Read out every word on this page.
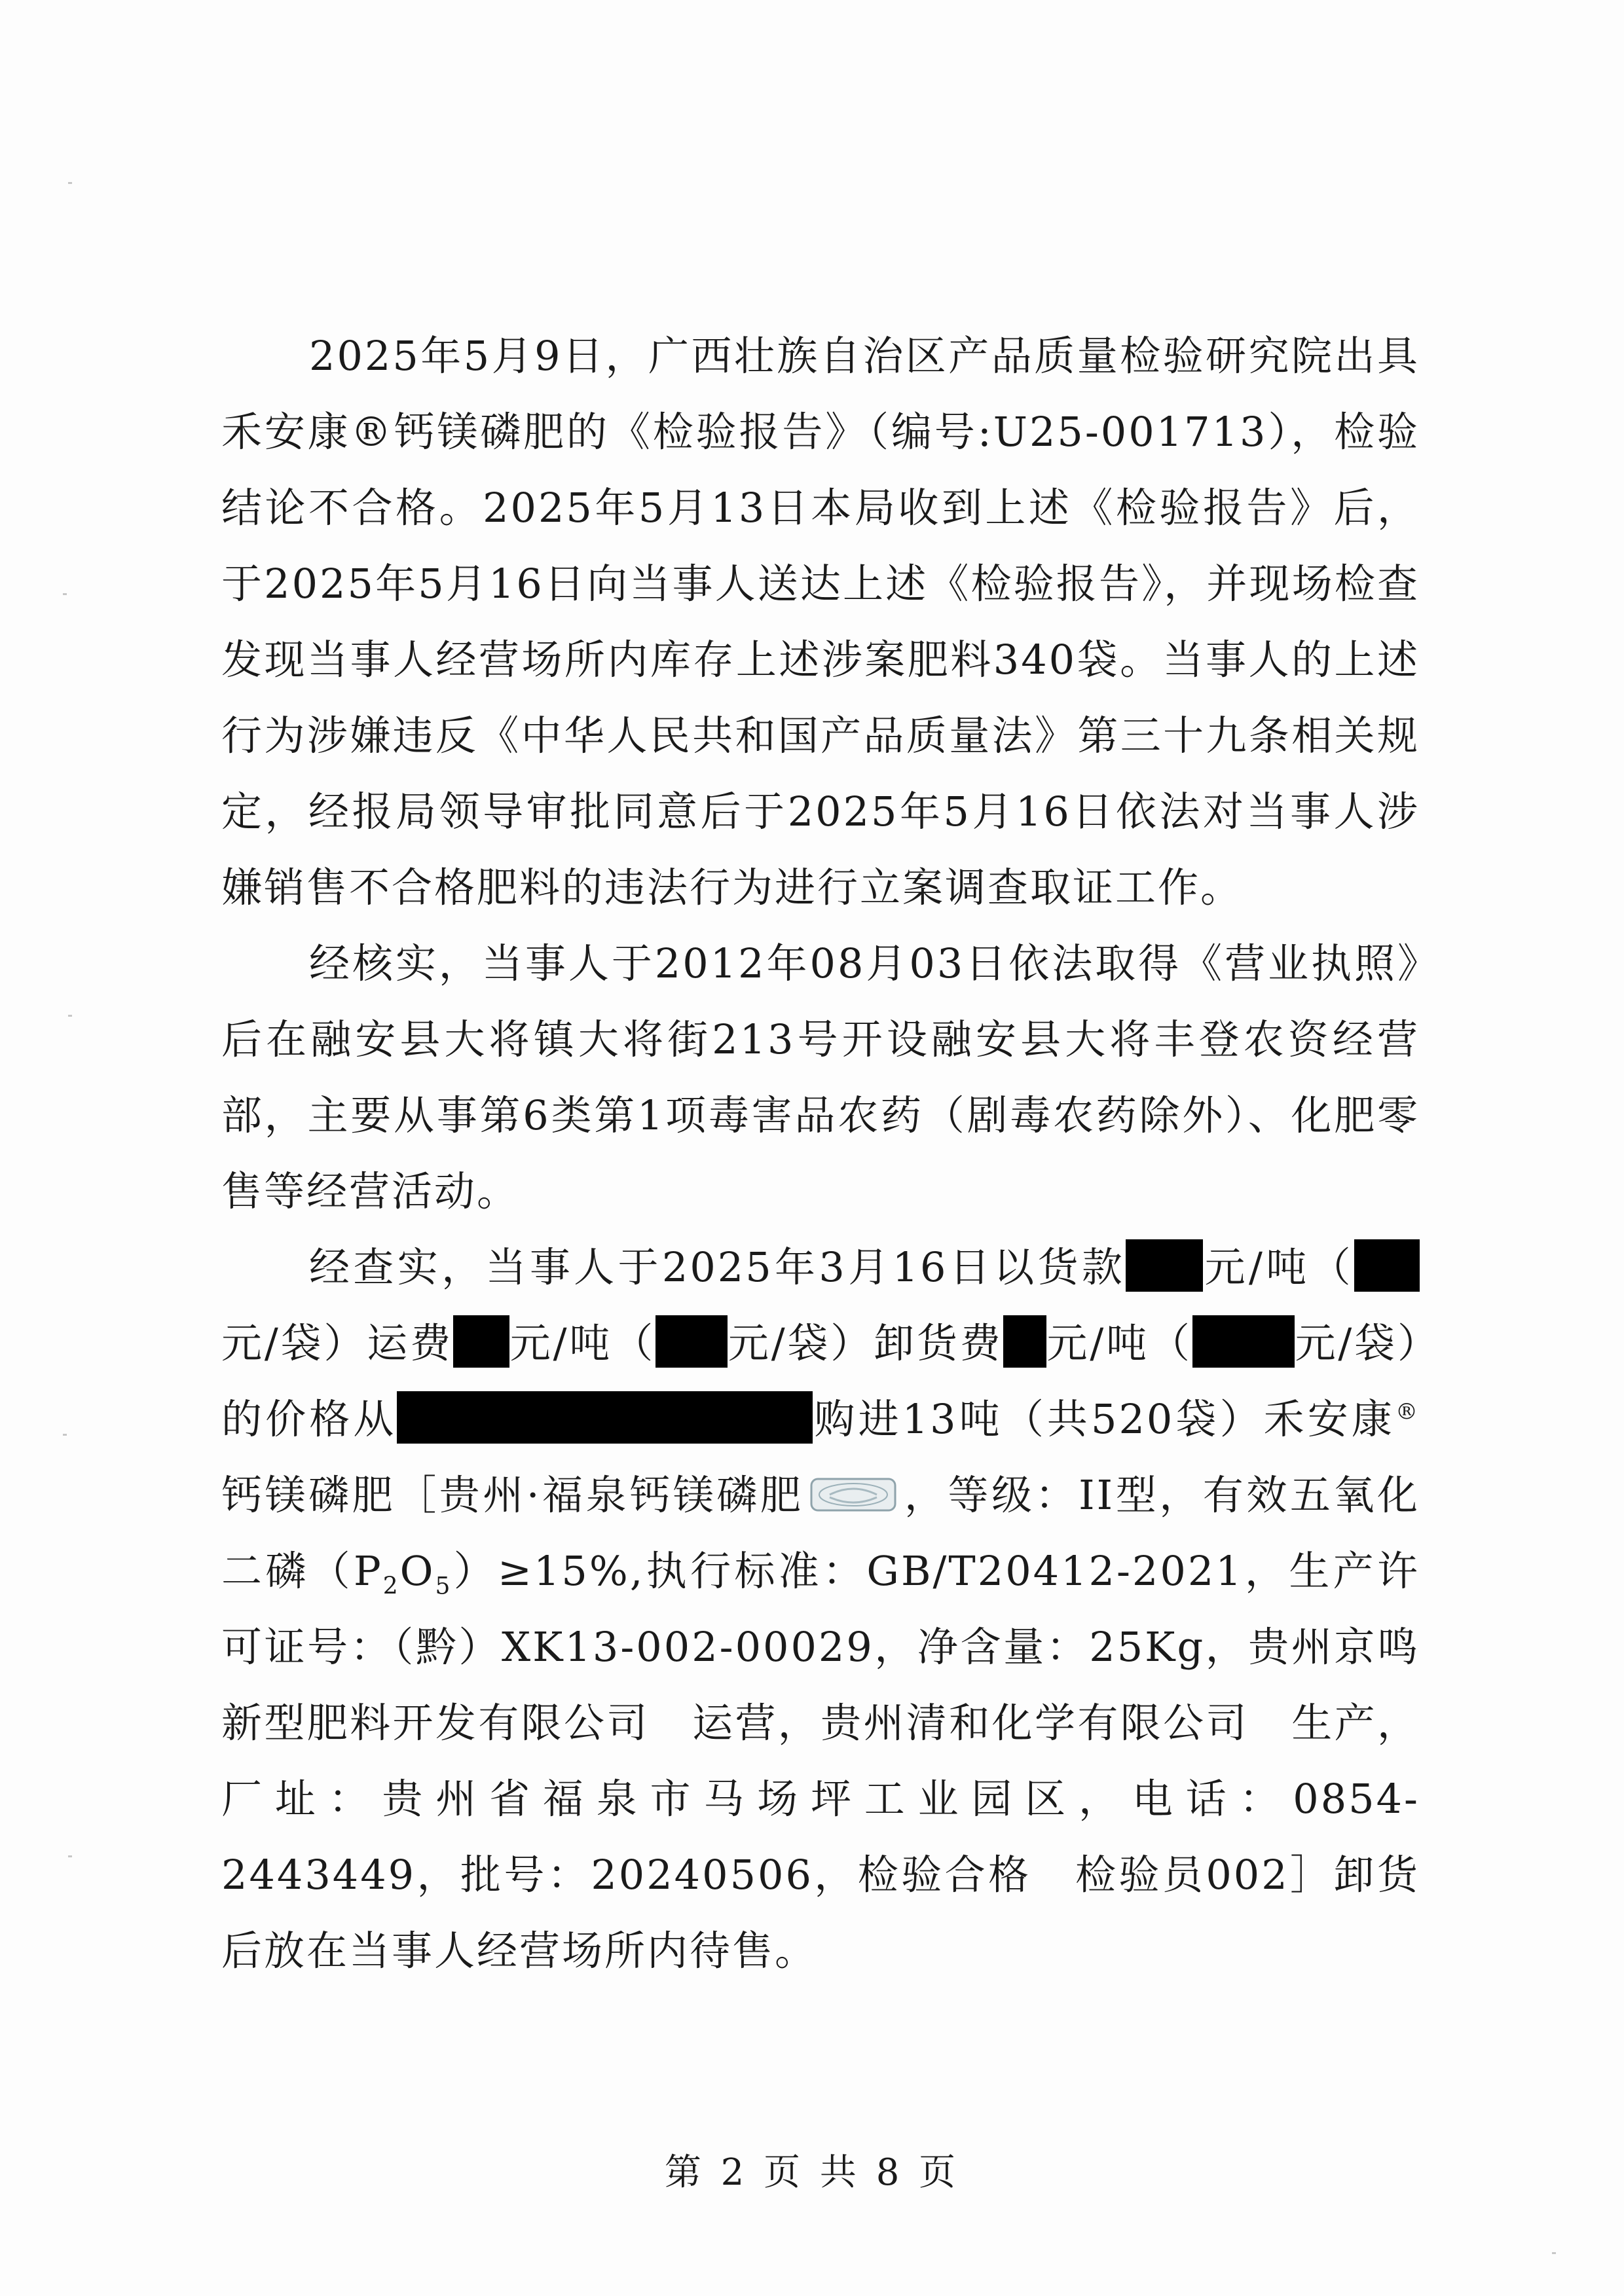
2025年5月9日，广西壮族自治区产品质量检验研究院出具禾安康®钙镁磷肥的《检验报告》（编号:U25-001713），检验结论不合格。2025年5月13日本局收到上述《检验报告》后，于2025年5月16日向当事人送达上述《检验报告》，并现场检查发现当事人经营场所内库存上述涉案肥料340袋。当事人的上述行为涉嫌违反《中华人民共和国产品质量法》第三十九条相关规定，经报局领导审批同意后于2025年5月16日依法对当事人涉嫌销售不合格肥料的违法行为进行立案调查取证工作。

经核实，当事人于2012年08月03日依法取得《营业执照》后在融安县大将镇大将街213号开设融安县大将丰登农资经营部，主要从事第6类第1项毒害品农药（剧毒农药除外）、化肥零售等经营活动。

经查实，当事人于2025年3月16日以货款 元/吨（元/袋）运费 元/吨（ 元/袋）卸货费 元/吨（	元/袋）的价格从	购进13吨（共520袋）禾安康®钙镁磷肥［贵州·福泉钙镁磷肥 ，等级：II型，有效五氧化二磷$(P_2O_5)\ge 15\%$,执行标准：GB/T20412-2021，生产许可证号：（黔）XK13-002-00029，净含量：25Kg，贵州京鸣新型肥料开发有限公司　运营，贵州清和化学有限公司　生产，厂址：贵州省福泉市马场坪工业园区，电话：0854-2443449，批号：20240506，检验合格　检验员002］卸货后放在当事人经营场所内待售。

第 2 页 共 8 页
